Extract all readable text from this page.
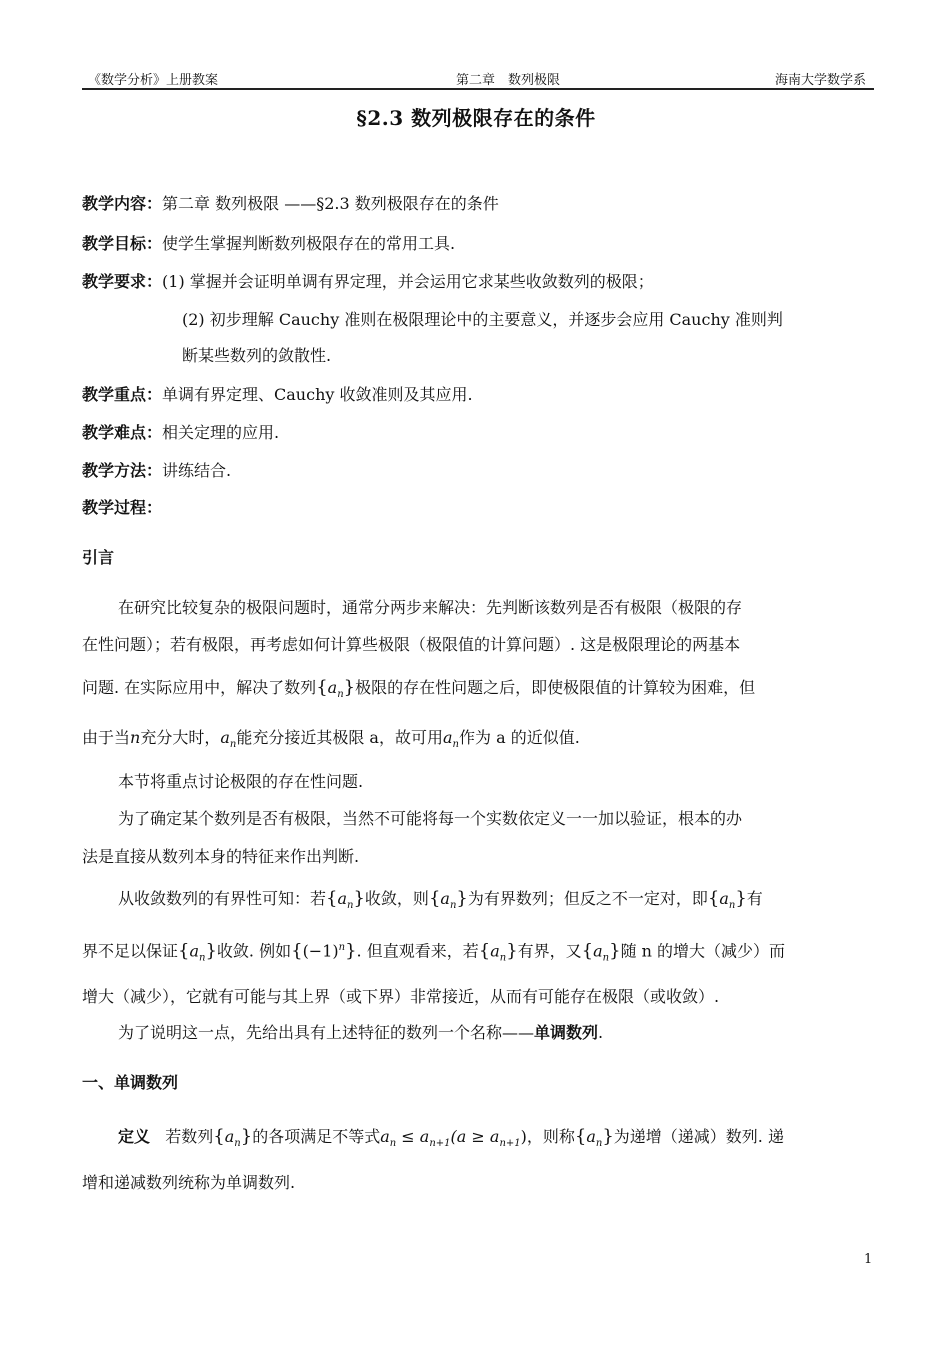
《数学分析》上册教案	第二章　数列极限	海南大学数学系
§2.3 数列极限存在的条件
教学内容：第二章 数列极限 ——§2.3 数列极限存在的条件
教学目标：使学生掌握判断数列极限存在的常用工具.
教学要求：(1) 掌握并会证明单调有界定理，并会运用它求某些收敛数列的极限；
(2) 初步理解 Cauchy 准则在极限理论中的主要意义，并逐步会应用 Cauchy 准则判
断某些数列的敛散性.
教学重点：单调有界定理、Cauchy 收敛准则及其应用.
教学难点：相关定理的应用.
教学方法：讲练结合.
教学过程：
引言
在研究比较复杂的极限问题时，通常分两步来解决：先判断该数列是否有极限（极限的存
在性问题）；若有极限，再考虑如何计算些极限（极限值的计算问题）. 这是极限理论的两基本
问题. 在实际应用中，解决了数列$\{a_n\}$极限的存在性问题之后，即使极限值的计算较为困难，但
由于当n充分大时，$a_n$能充分接近其极限 a，故可用$a_n$作为 a 的近似值.
本节将重点讨论极限的存在性问题.
为了确定某个数列是否有极限，当然不可能将每一个实数依定义一一加以验证，根本的办
法是直接从数列本身的特征来作出判断.
从收敛数列的有界性可知：若$\{a_n\}$收敛，则$\{a_n\}$为有界数列；但反之不一定对，即$\{a_n\}$有
界不足以保证$\{a_n\}$收敛. 例如$\{(-1)^n\}$. 但直观看来，若$\{a_n\}$有界，又$\{a_n\}$随 n 的增大（减少）而
增大（减少），它就有可能与其上界（或下界）非常接近，从而有可能存在极限（或收敛）.
为了说明这一点，先给出具有上述特征的数列一个名称——单调数列.
一、单调数列
定义 若数列$\{a_n\}$的各项满足不等式$a_n \le a_{n+1}(a \ge a_{n+1})$，则称$\{a_n\}$为递增（递减）数列. 递
增和递减数列统称为单调数列.
1
